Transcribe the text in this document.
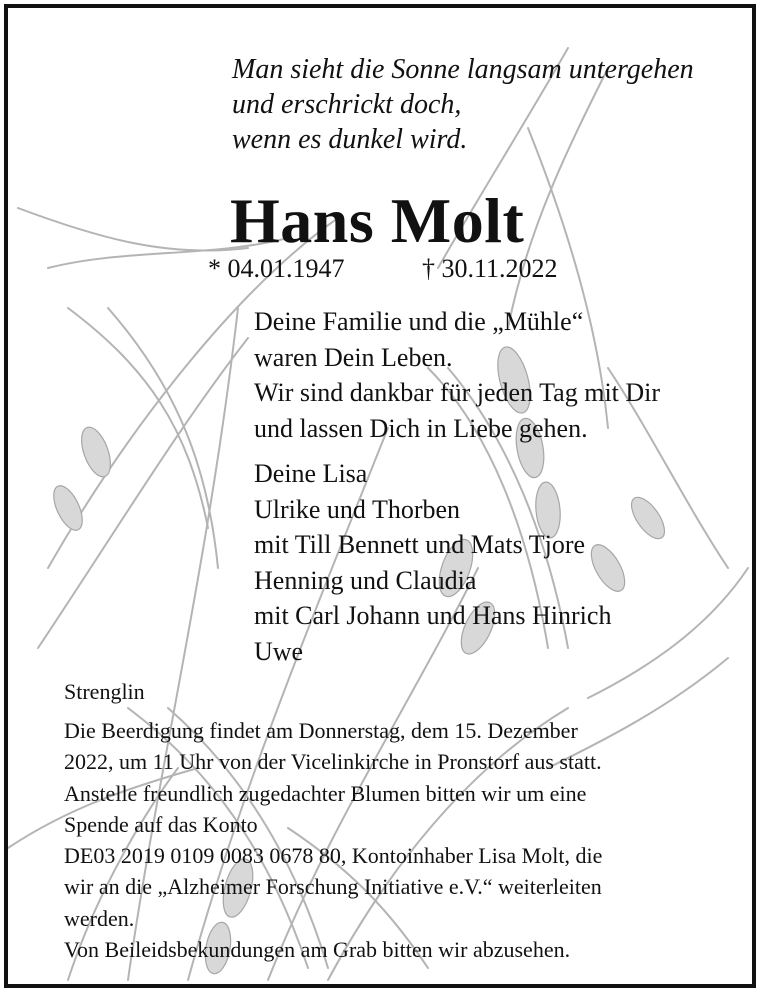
Man sieht die Sonne langsam untergehen
und erschrickt doch,
wenn es dunkel wird.
Hans Molt
* 04.01.1947	† 30.11.2022
Deine Familie und die „Mühle“
waren Dein Leben.
Wir sind dankbar für jeden Tag mit Dir
und lassen Dich in Liebe gehen.
Deine Lisa
Ulrike und Thorben
mit Till Bennett und Mats Tjore
Henning und Claudia
mit Carl Johann und Hans Hinrich
Uwe
Strenglin
Die Beerdigung findet am Donnerstag, dem 15. Dezember
2022, um 11 Uhr von der Vicelinkirche in Pronstorf aus statt.
Anstelle freundlich zugedachter Blumen bitten wir um eine
Spende auf das Konto
DE03 2019 0109 0083 0678 80, Kontoinhaber Lisa Molt, die
wir an die „Alzheimer Forschung Initiative e.V.“ weiterleiten
werden.
Von Beileidsbekundungen am Grab bitten wir abzusehen.
